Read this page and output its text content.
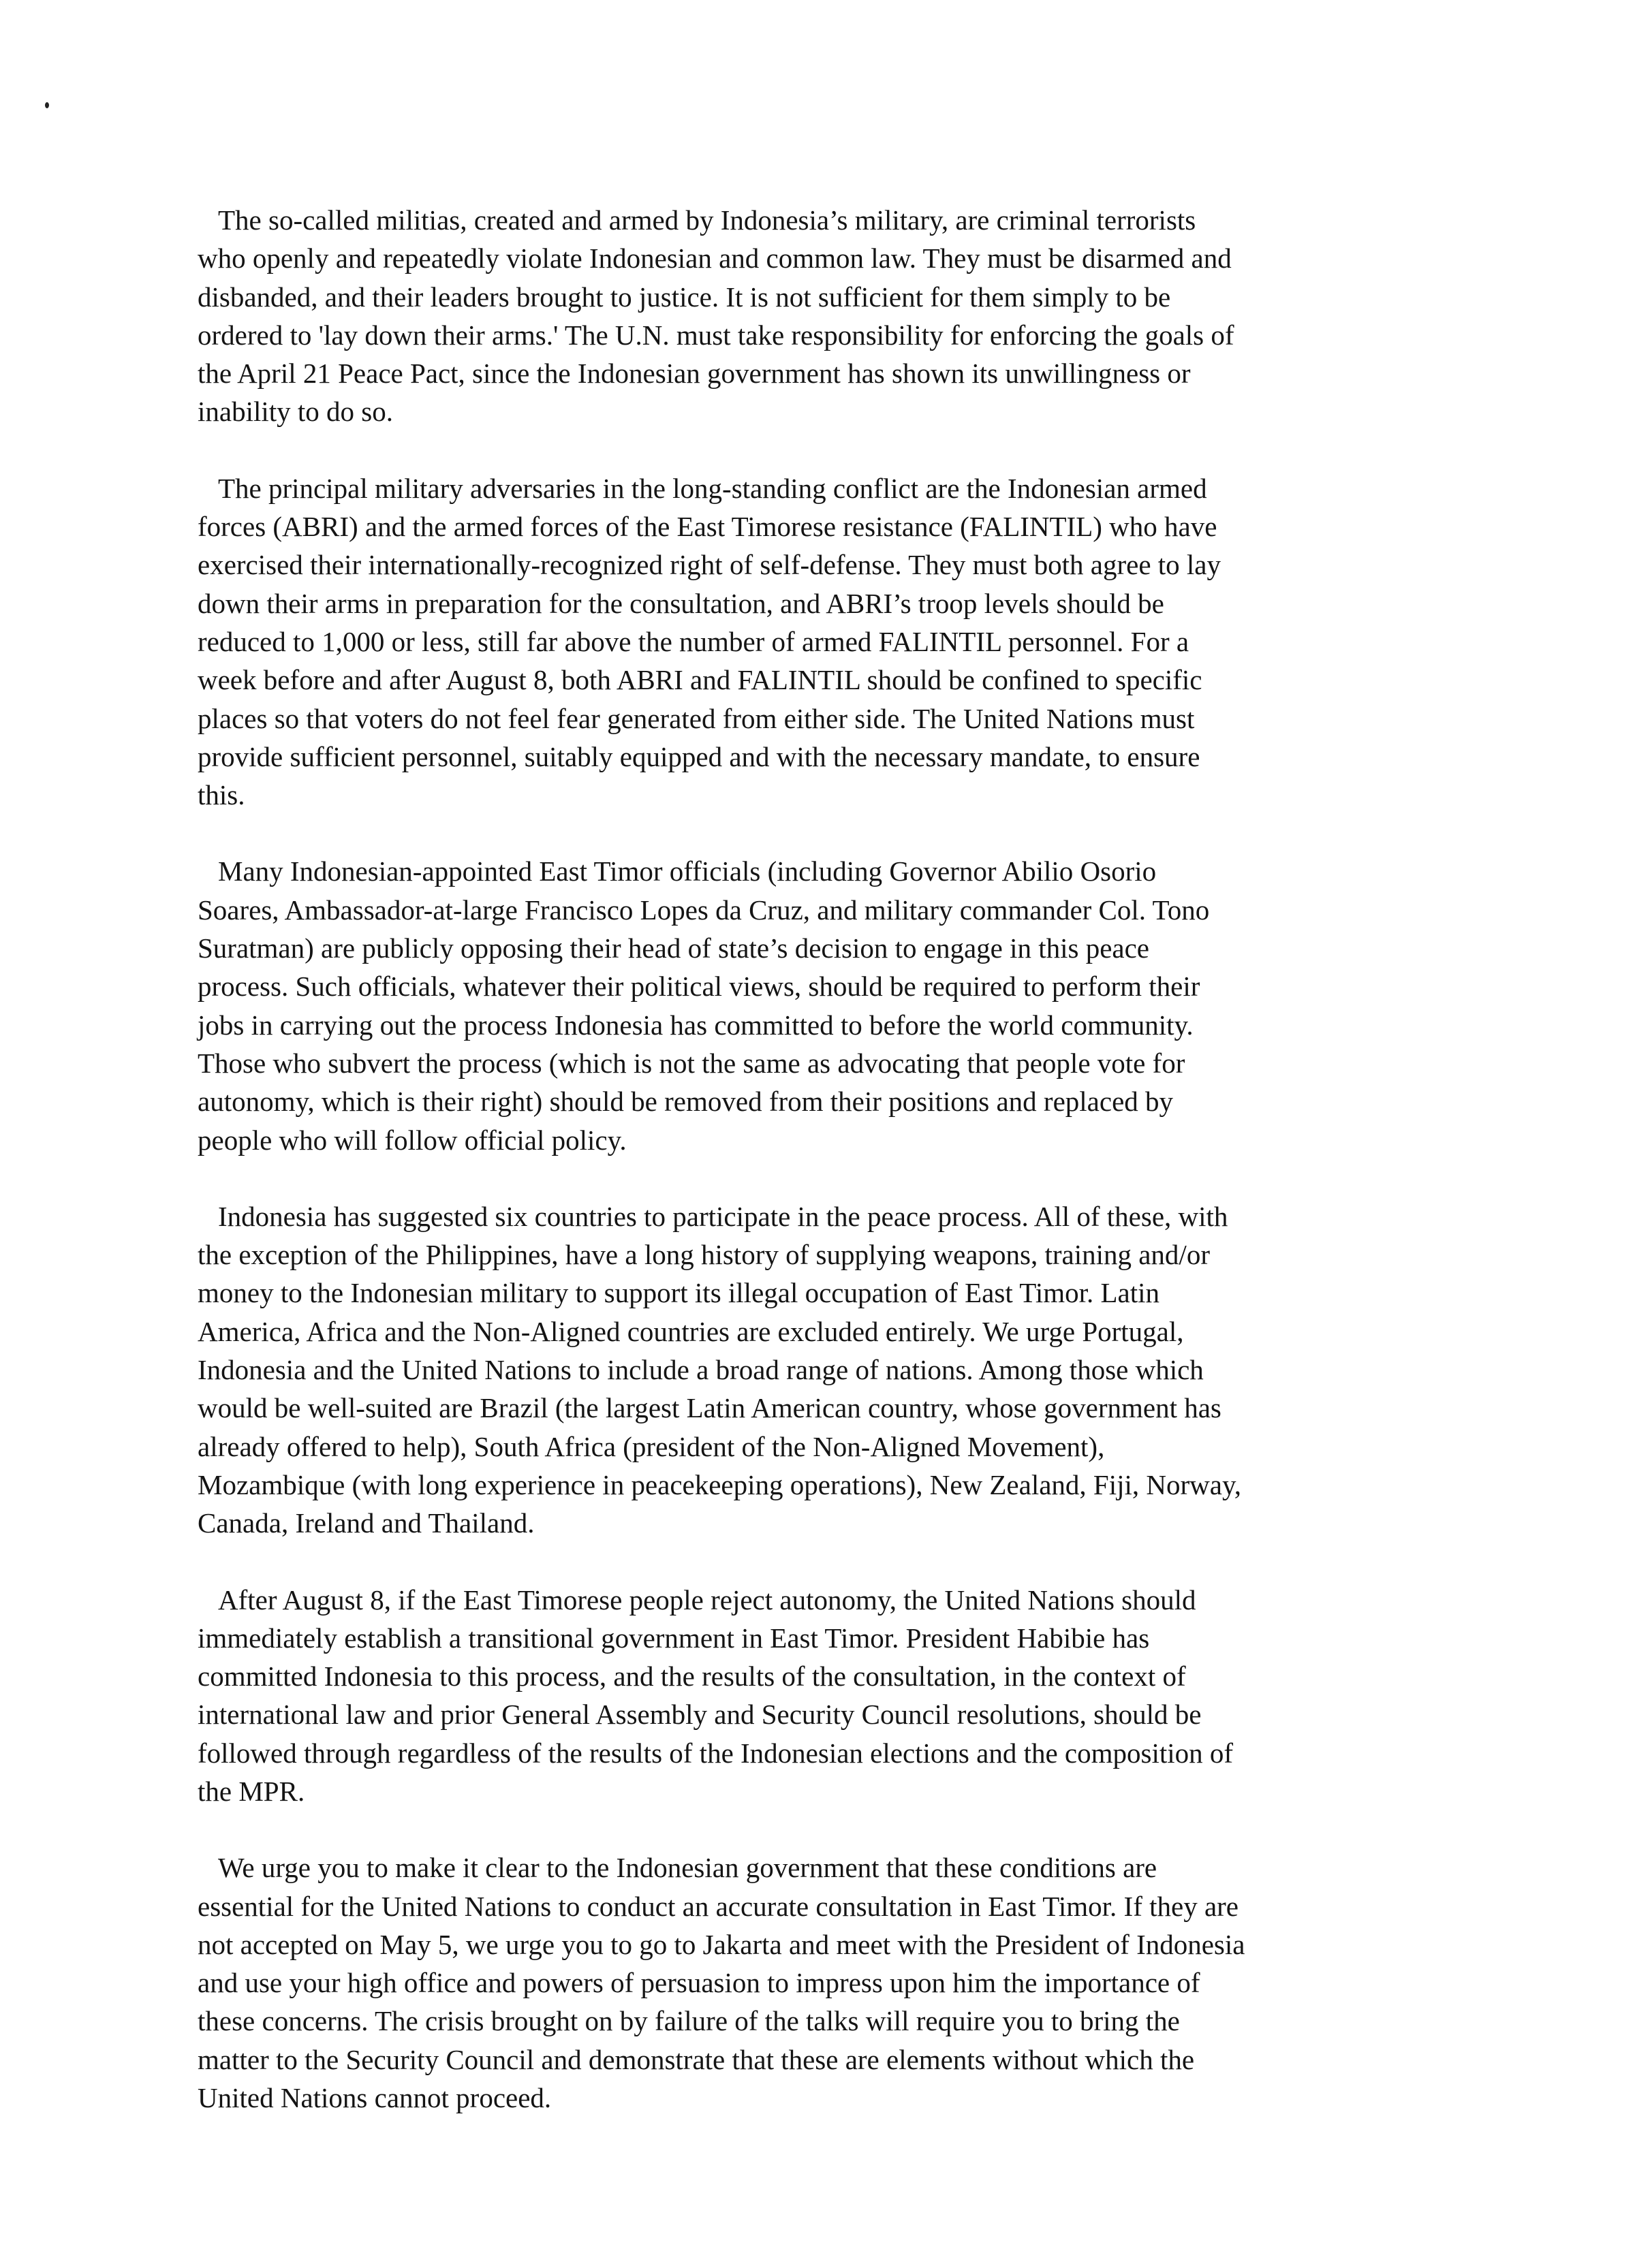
The so-called militias, created and armed by Indonesia’s military, are criminal terrorists
who openly and repeatedly violate Indonesian and common law. They must be disarmed and
disbanded, and their leaders brought to justice. It is not sufficient for them simply to be
ordered to 'lay down their arms.' The U.N. must take responsibility for enforcing the goals of
the April 21 Peace Pact, since the Indonesian government has shown its unwillingness or
inability to do so.

The principal military adversaries in the long-standing conflict are the Indonesian armed
forces (ABRI) and the armed forces of the East Timorese resistance (FALINTIL) who have
exercised their internationally-recognized right of self-defense. They must both agree to lay
down their arms in preparation for the consultation, and ABRI’s troop levels should be
reduced to 1,000 or less, still far above the number of armed FALINTIL personnel. For a
week before and after August 8, both ABRI and FALINTIL should be confined to specific
places so that voters do not feel fear generated from either side. The United Nations must
provide sufficient personnel, suitably equipped and with the necessary mandate, to ensure
this.

Many Indonesian-appointed East Timor officials (including Governor Abilio Osorio
Soares, Ambassador-at-large Francisco Lopes da Cruz, and military commander Col. Tono
Suratman) are publicly opposing their head of state’s decision to engage in this peace
process. Such officials, whatever their political views, should be required to perform their
jobs in carrying out the process Indonesia has committed to before the world community.
Those who subvert the process (which is not the same as advocating that people vote for
autonomy, which is their right) should be removed from their positions and replaced by
people who will follow official policy.

Indonesia has suggested six countries to participate in the peace process. All of these, with
the exception of the Philippines, have a long history of supplying weapons, training and/or
money to the Indonesian military to support its illegal occupation of East Timor. Latin
America, Africa and the Non-Aligned countries are excluded entirely. We urge Portugal,
Indonesia and the United Nations to include a broad range of nations. Among those which
would be well-suited are Brazil (the largest Latin American country, whose government has
already offered to help), South Africa (president of the Non-Aligned Movement),
Mozambique (with long experience in peacekeeping operations), New Zealand, Fiji, Norway,
Canada, Ireland and Thailand.

After August 8, if the East Timorese people reject autonomy, the United Nations should
immediately establish a transitional government in East Timor. President Habibie has
committed Indonesia to this process, and the results of the consultation, in the context of
international law and prior General Assembly and Security Council resolutions, should be
followed through regardless of the results of the Indonesian elections and the composition of
the MPR.

We urge you to make it clear to the Indonesian government that these conditions are
essential for the United Nations to conduct an accurate consultation in East Timor. If they are
not accepted on May 5, we urge you to go to Jakarta and meet with the President of Indonesia
and use your high office and powers of persuasion to impress upon him the importance of
these concerns. The crisis brought on by failure of the talks will require you to bring the
matter to the Security Council and demonstrate that these are elements without which the
United Nations cannot proceed.
